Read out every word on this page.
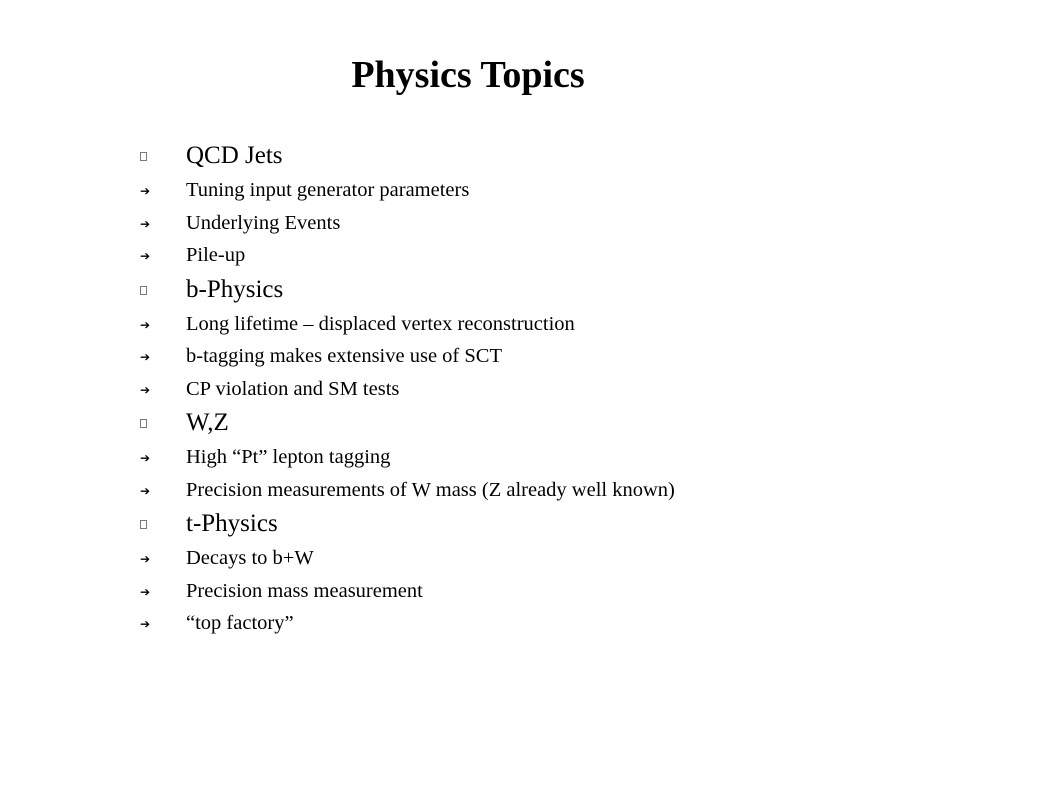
Physics Topics
QCD Jets
➔ Tuning input generator parameters
➔ Underlying Events
➔ Pile-up
b-Physics
➔ Long lifetime – displaced vertex reconstruction
➔ b-tagging makes extensive use of SCT
➔ CP violation and SM tests
W,Z
➔ High “Pt” lepton tagging
➔ Precision measurements of W mass (Z already well known)
t-Physics
➔ Decays to b+W
➔ Precision mass measurement
➔ “top factory”
